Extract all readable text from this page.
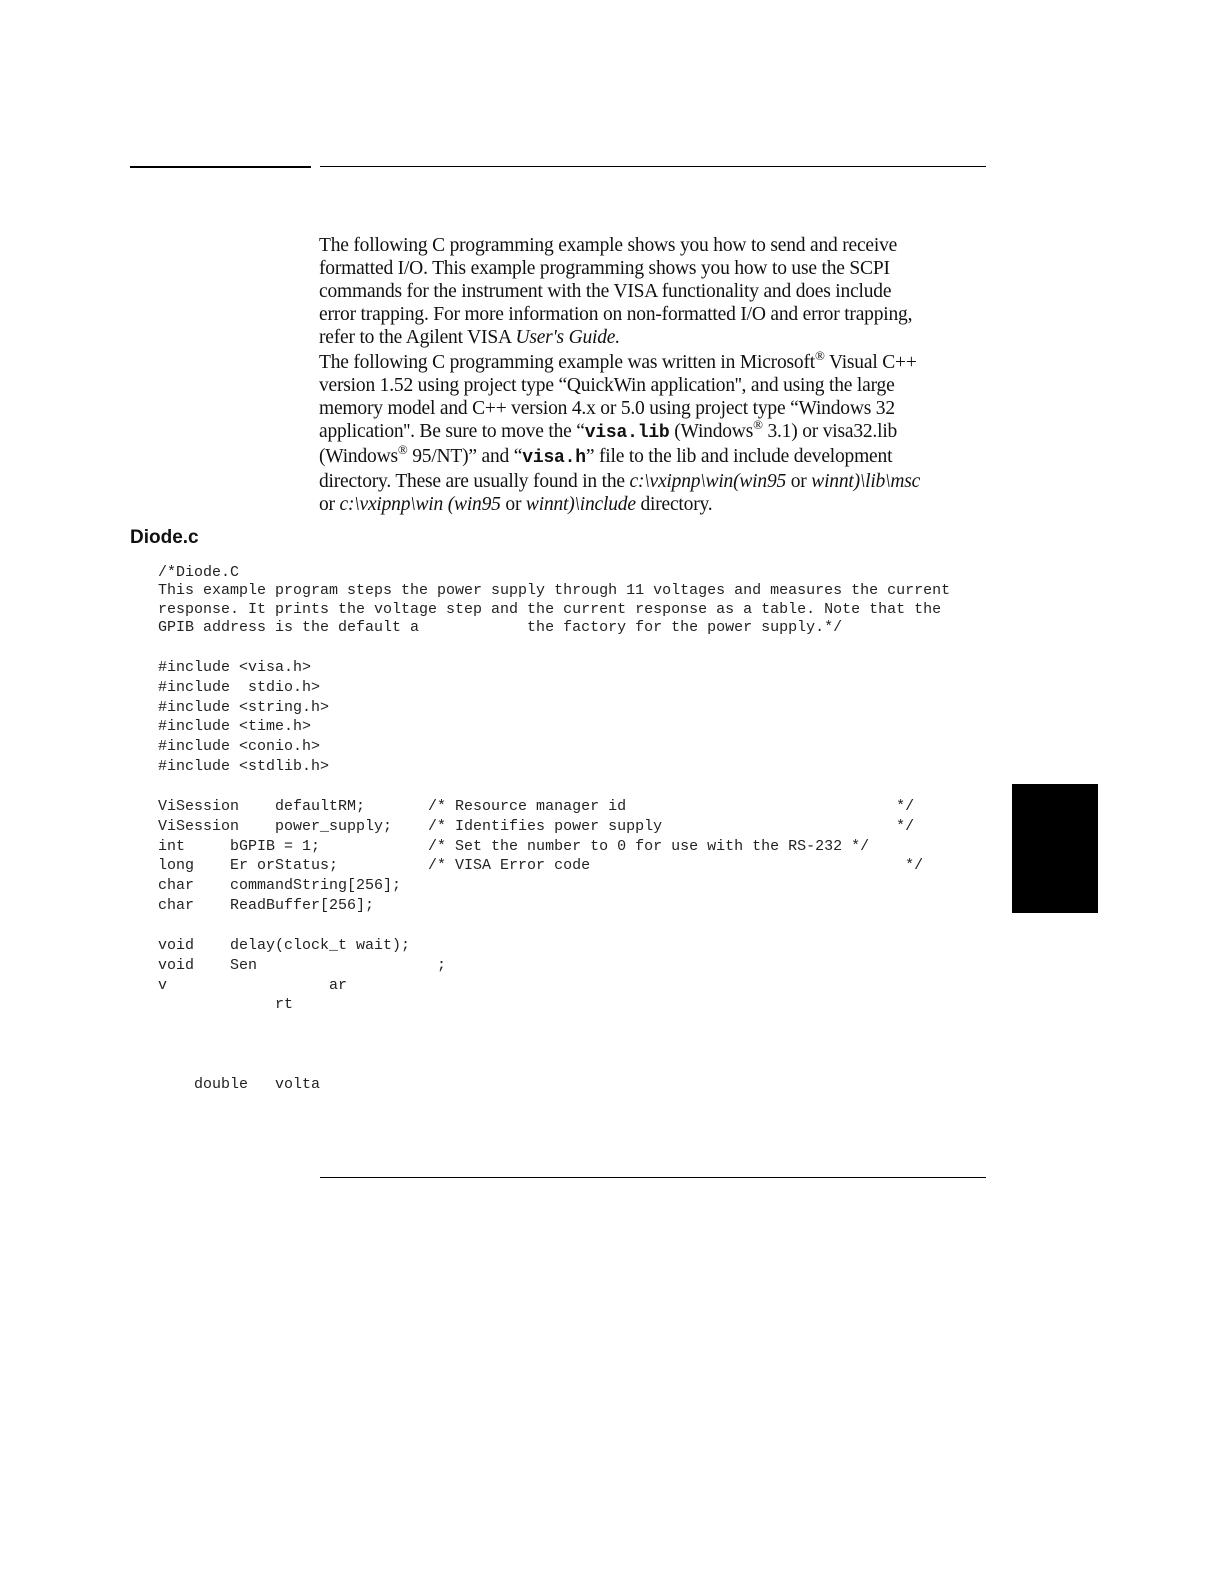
The following C programming example shows you how to send and receive
formatted I/O. This example programming shows you how to use the SCPI
commands for the instrument with the VISA functionality and does include
error trapping. For more information on non-formatted I/O and error trapping,
refer to the Agilent VISA User's Guide.
The following C programming example was written in Microsoft® Visual C++
version 1.52 using project type “QuickWin application'', and using the large
memory model and C++ version 4.x or 5.0 using project type “Windows 32
application''. Be sure to move the “visa.lib (Windows® 3.1) or visa32.lib
(Windows® 95/NT)” and “visa.h” file to the lib and include development
directory. These are usually found in the c:\vxipnp\win(win95 or winnt)\lib\msc
or c:\vxipnp\win (win95 or winnt)\include directory.
Diode.c
/*Diode.C
This example program steps the power supply through 11 voltages and measures the current
response. It prints the voltage step and the current response as a table. Note that the
GPIB address is the default a            the factory for the power supply.*/
#include <visa.h>
#include  stdio.h>
#include <string.h>
#include <time.h>
#include <conio.h>
#include <stdlib.h>
ViSession    defaultRM;       /* Resource manager id                              */
ViSession    power_supply;    /* Identifies power supply                          */
int     bGPIB = 1;            /* Set the number to 0 for use with the RS-232 */
long    Er orStatus;          /* VISA Error code                                   */
char    commandString[256];
char    ReadBuffer[256];
void    delay(clock_t wait);
void    Sen                    ;
v                  ar
rt
double   volta
